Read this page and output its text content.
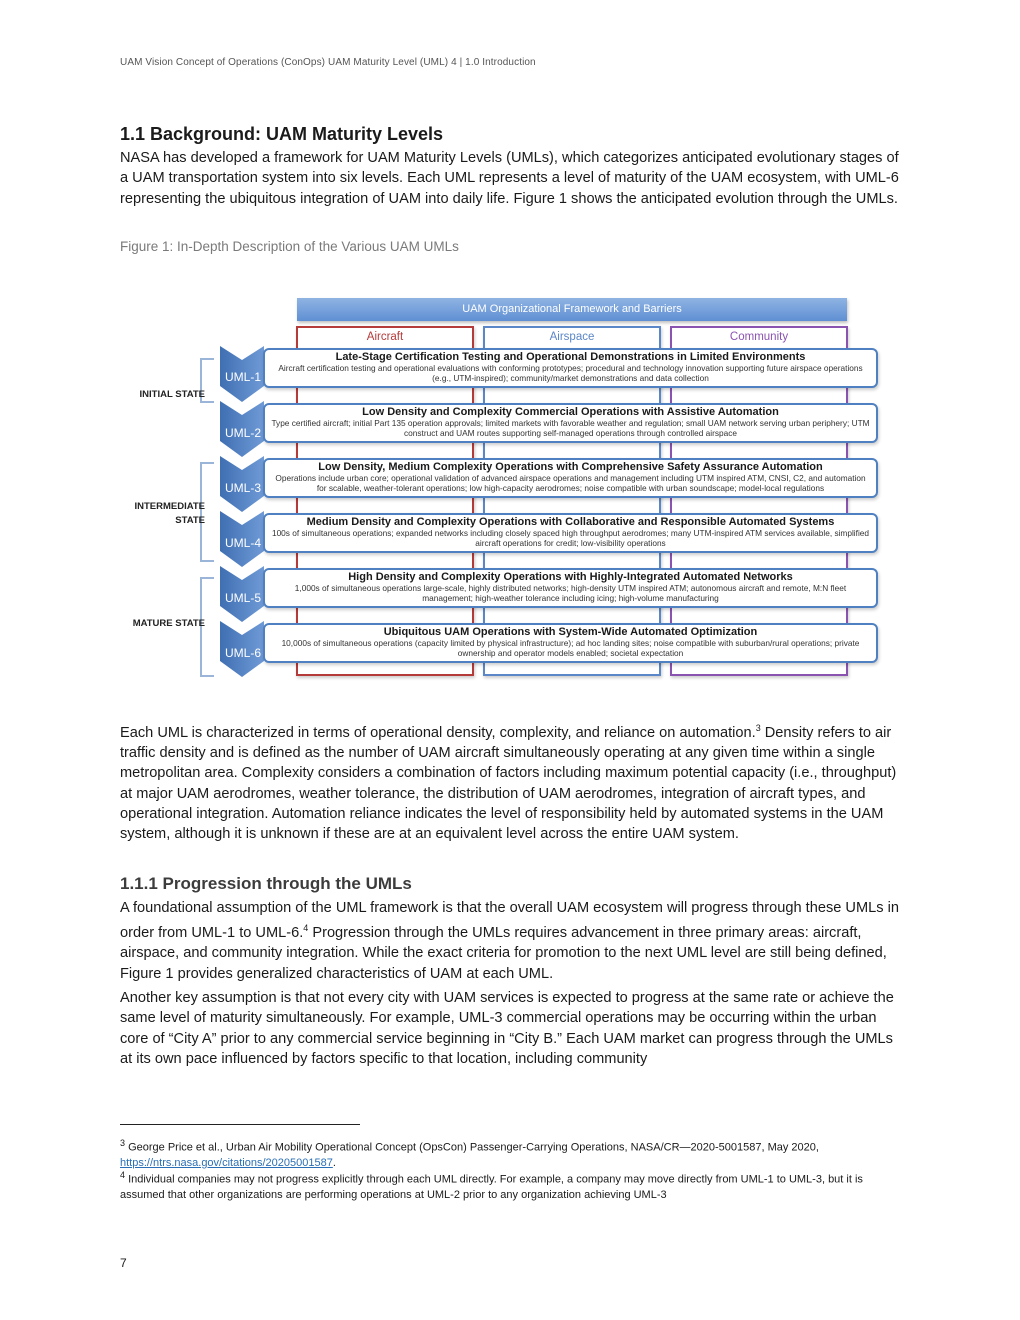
UAM Vision Concept of Operations (ConOps) UAM Maturity Level (UML) 4 | 1.0 Introduction
1.1 Background: UAM Maturity Levels

NASA has developed a framework for UAM Maturity Levels (UMLs), which categorizes anticipated evolutionary stages of a UAM transportation system into six levels. Each UML represents a level of maturity of the UAM ecosystem, with UML-6 representing the ubiquitous integration of UAM into daily life. Figure 1 shows the anticipated evolution through the UMLs.

Figure 1: In-Depth Description of the Various UAM UMLs

UAM Organizational Framework and Barriers
Aircraft	Airspace	Community
UML-1
UML-2
UML-3
UML-4
UML-5
UML-6
INITIAL STATE
INTERMEDIATE STATE
MATURE STATE
Late-Stage Certification Testing and Operational Demonstrations in Limited Environments
Aircraft certification testing and operational evaluations with conforming prototypes; procedural and technology innovation supporting future airspace operations (e.g., UTM-inspired); community/market demonstrations and data collection
Low Density and Complexity Commercial Operations with Assistive Automation
Type certified aircraft; initial Part 135 operation approvals; limited markets with favorable weather and regulation; small UAM network serving urban periphery; UTM construct and UAM routes supporting self-managed operations through controlled airspace
Low Density, Medium Complexity Operations with Comprehensive Safety Assurance Automation
Operations include urban core; operational validation of advanced airspace operations and management including UTM inspired ATM, CNSI, C2, and automation for scalable, weather-tolerant operations; low high-capacity aerodromes; noise compatible with urban soundscape; model-local regulations
Medium Density and Complexity Operations with Collaborative and Responsible Automated Systems
100s of simultaneous operations; expanded networks including closely spaced high throughput aerodromes; many UTM-inspired ATM services available, simplified aircraft operations for credit; low-visibility operations
High Density and Complexity Operations with Highly-Integrated Automated Networks
1,000s of simultaneous operations large-scale, highly distributed networks; high-density UTM inspired ATM; autonomous aircraft and remote, M:N fleet management; high-weather tolerance including icing; high-volume manufacturing
Ubiquitous UAM Operations with System-Wide Automated Optimization
10,000s of simultaneous operations (capacity limited by physical infrastructure); ad hoc landing sites; noise compatible with suburban/rural operations; private ownership and operator models enabled; societal expectation

Each UML is characterized in terms of operational density, complexity, and reliance on automation.$^3$ Density refers to air traffic density and is defined as the number of UAM aircraft simultaneously operating at any given time within a single metropolitan area. Complexity considers a combination of factors including maximum potential capacity (i.e., throughput) at major UAM aerodromes, weather tolerance, the distribution of UAM aerodromes, integration of aircraft types, and operational integration. Automation reliance indicates the level of responsibility held by automated systems in the UAM system, although it is unknown if these are at an equivalent level across the entire UAM system.

1.1.1 Progression through the UMLs

A foundational assumption of the UML framework is that the overall UAM ecosystem will progress through these UMLs in order from UML-1 to UML-6.$^4$ Progression through the UMLs requires advancement in three primary areas: aircraft, airspace, and community integration. While the exact criteria for promotion to the next UML level are still being defined, Figure 1 provides generalized characteristics of UAM at each UML.

Another key assumption is that not every city with UAM services is expected to progress at the same rate or achieve the same level of maturity simultaneously. For example, UML-3 commercial operations may be occurring within the urban core of “City A” prior to any commercial service beginning in “City B.” Each UAM market can progress through the UMLs at its own pace influenced by factors specific to that location, including community

$^3$ George Price et al., Urban Air Mobility Operational Concept (OpsCon) Passenger-Carrying Operations, NASA/CR—2020-5001587, May 2020, https://ntrs.nasa.gov/citations/20205001587.

$^4$ Individual companies may not progress explicitly through each UML directly. For example, a company may move directly from UML-1 to UML-3, but it is assumed that other organizations are performing operations at UML-2 prior to any organization achieving UML-3

7
